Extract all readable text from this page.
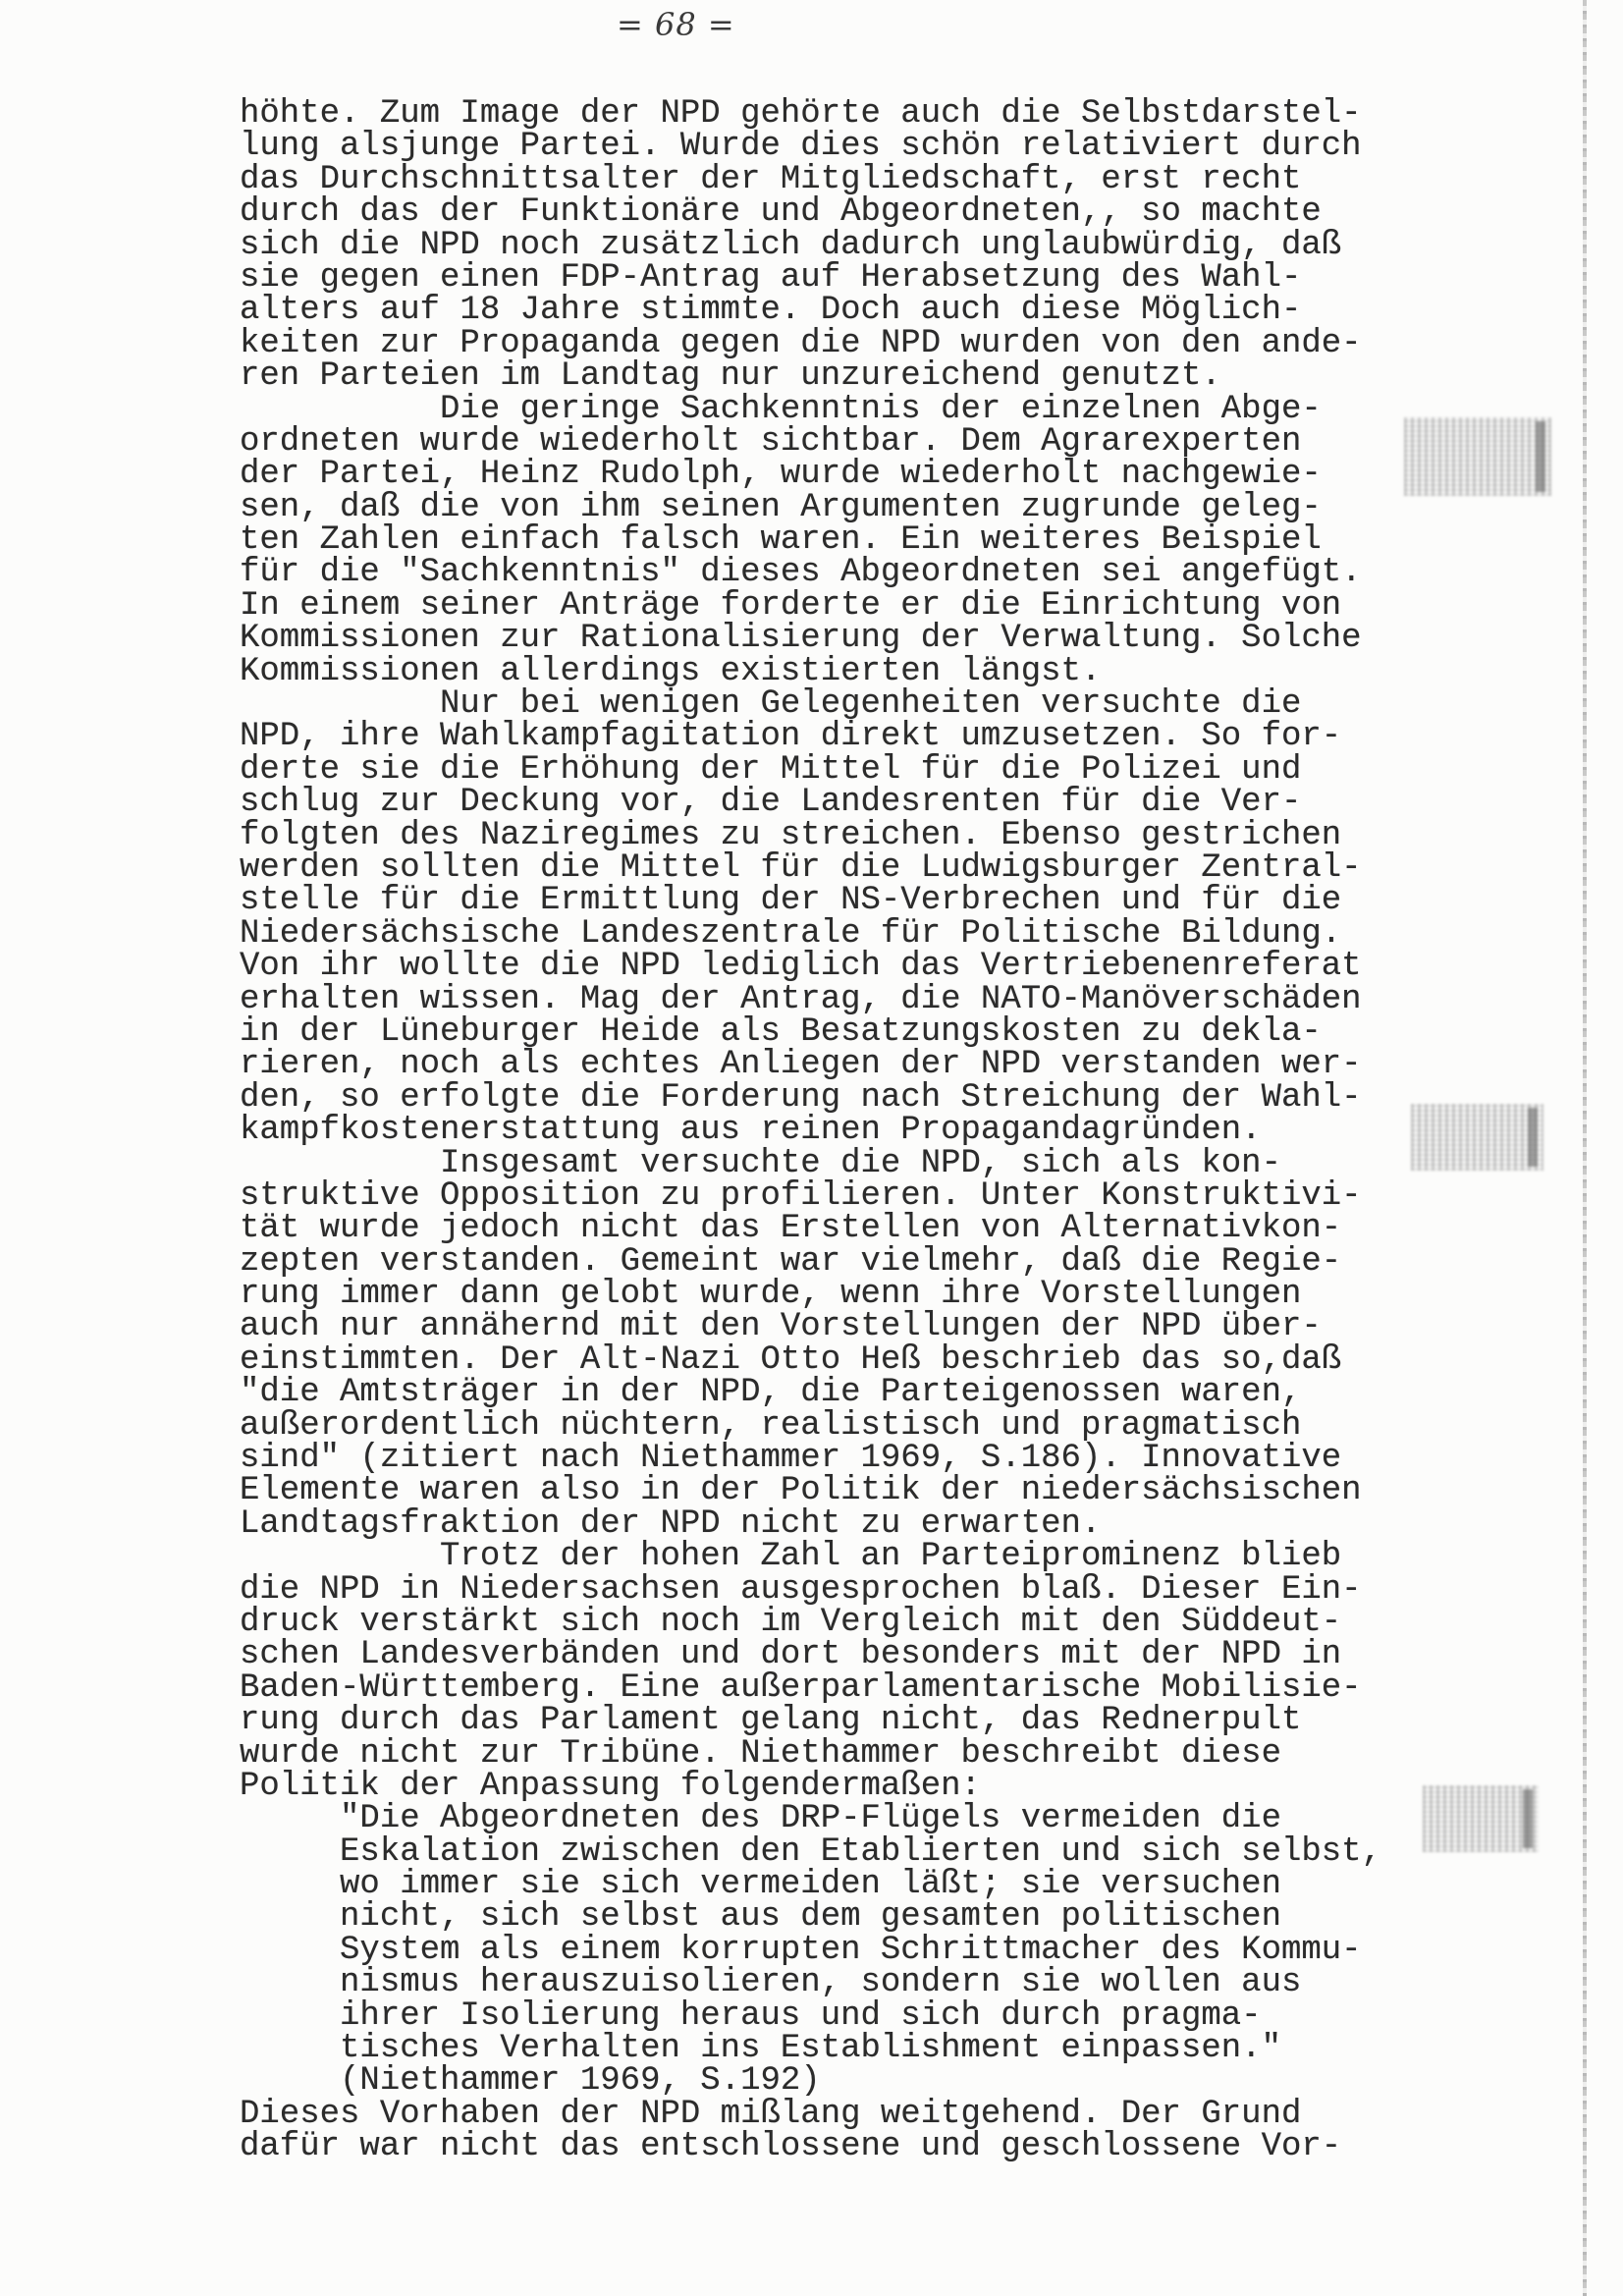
= 68 =
höhte. Zum Image der NPD gehörte auch die Selbstdarstel-
lung alsjunge Partei. Wurde dies schön relativiert durch
das Durchschnittsalter der Mitgliedschaft, erst recht
durch das der Funktionäre und Abgeordneten,, so machte
sich die NPD noch zusätzlich dadurch unglaubwürdig, daß
sie gegen einen FDP-Antrag auf Herabsetzung des Wahl-
alters auf 18 Jahre stimmte. Doch auch diese Möglich-
keiten zur Propaganda gegen die NPD wurden von den ande-
ren Parteien im Landtag nur unzureichend genutzt.
Die geringe Sachkenntnis der einzelnen Abge-
ordneten wurde wiederholt sichtbar. Dem Agrarexperten
der Partei, Heinz Rudolph, wurde wiederholt nachgewie-
sen, daß die von ihm seinen Argumenten zugrunde geleg-
ten Zahlen einfach falsch waren. Ein weiteres Beispiel
für die "Sachkenntnis" dieses Abgeordneten sei angefügt.
In einem seiner Anträge forderte er die Einrichtung von
Kommissionen zur Rationalisierung der Verwaltung. Solche
Kommissionen allerdings existierten längst.
Nur bei wenigen Gelegenheiten versuchte die
NPD, ihre Wahlkampfagitation direkt umzusetzen. So for-
derte sie die Erhöhung der Mittel für die Polizei und
schlug zur Deckung vor, die Landesrenten für die Ver-
folgten des Naziregimes zu streichen. Ebenso gestrichen
werden sollten die Mittel für die Ludwigsburger Zentral-
stelle für die Ermittlung der NS-Verbrechen und für die
Niedersächsische Landeszentrale für Politische Bildung.
Von ihr wollte die NPD lediglich das Vertriebenenreferat
erhalten wissen. Mag der Antrag, die NATO-Manöverschäden
in der Lüneburger Heide als Besatzungskosten zu dekla-
rieren, noch als echtes Anliegen der NPD verstanden wer-
den, so erfolgte die Forderung nach Streichung der Wahl-
kampfkostenerstattung aus reinen Propagandagründen.
Insgesamt versuchte die NPD, sich als kon-
struktive Opposition zu profilieren. Unter Konstruktivi-
tät wurde jedoch nicht das Erstellen von Alternativkon-
zepten verstanden. Gemeint war vielmehr, daß die Regie-
rung immer dann gelobt wurde, wenn ihre Vorstellungen
auch nur annähernd mit den Vorstellungen der NPD über-
einstimmten. Der Alt-Nazi Otto Heß beschrieb das so,daß
"die Amtsträger in der NPD, die Parteigenossen waren,
außerordentlich nüchtern, realistisch und pragmatisch
sind" (zitiert nach Niethammer 1969, S.186). Innovative
Elemente waren also in der Politik der niedersächsischen
Landtagsfraktion der NPD nicht zu erwarten.
Trotz der hohen Zahl an Parteiprominenz blieb
die NPD in Niedersachsen ausgesprochen blaß. Dieser Ein-
druck verstärkt sich noch im Vergleich mit den Süddeut-
schen Landesverbänden und dort besonders mit der NPD in
Baden-Württemberg. Eine außerparlamentarische Mobilisie-
rung durch das Parlament gelang nicht, das Rednerpult
wurde nicht zur Tribüne. Niethammer beschreibt diese
Politik der Anpassung folgendermaßen:
"Die Abgeordneten des DRP-Flügels vermeiden die
Eskalation zwischen den Etablierten und sich selbst,
wo immer sie sich vermeiden läßt; sie versuchen
nicht, sich selbst aus dem gesamten politischen
System als einem korrupten Schrittmacher des Kommu-
nismus herauszuisolieren, sondern sie wollen aus
ihrer Isolierung heraus und sich durch pragma-
tisches Verhalten ins Establishment einpassen."
(Niethammer 1969, S.192)
Dieses Vorhaben der NPD mißlang weitgehend. Der Grund
dafür war nicht das entschlossene und geschlossene Vor-
